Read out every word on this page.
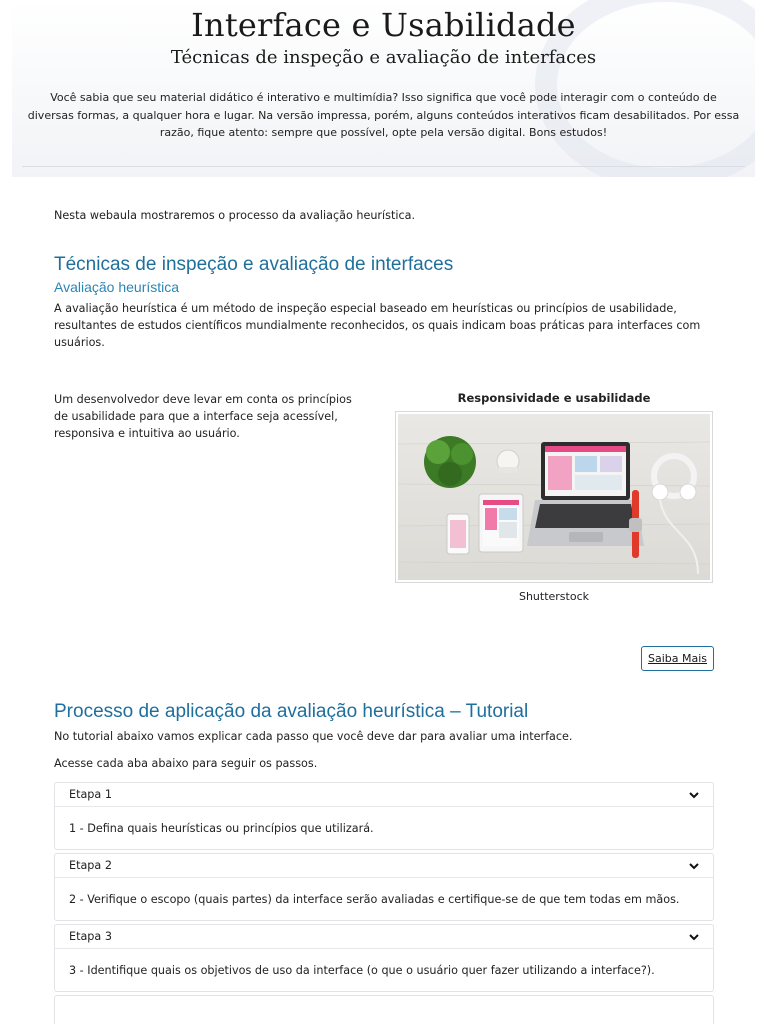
Interface e Usabilidade
Técnicas de inspeção e avaliação de interfaces
Você sabia que seu material didático é interativo e multimídia? Isso significa que você pode interagir com o conteúdo de diversas formas, a qualquer hora e lugar. Na versão impressa, porém, alguns conteúdos interativos ficam desabilitados. Por essa razão, fique atento: sempre que possível, opte pela versão digital. Bons estudos!
Nesta webaula mostraremos o processo da avaliação heurística.
Técnicas de inspeção e avaliação de interfaces
Avaliação heurística
A avaliação heurística é um método de inspeção especial baseado em heurísticas ou princípios de usabilidade, resultantes de estudos científicos mundialmente reconhecidos, os quais indicam boas práticas para interfaces com usuários.
Um desenvolvedor deve levar em conta os princípios de usabilidade para que a interface seja acessível, responsiva e intuitiva ao usuário.
Responsividade e usabilidade
Shutterstock
Saiba Mais
Processo de aplicação da avaliação heurística – Tutorial
No tutorial abaixo vamos explicar cada passo que você deve dar para avaliar uma interface.
Acesse cada aba abaixo para seguir os passos.
Etapa 1
1 - Defina quais heurísticas ou princípios que utilizará.
Etapa 2
2 - Verifique o escopo (quais partes) da interface serão avaliadas e certifique-se de que tem todas em mãos.
Etapa 3
3 - Identifique quais os objetivos de uso da interface (o que o usuário quer fazer utilizando a interface?).
